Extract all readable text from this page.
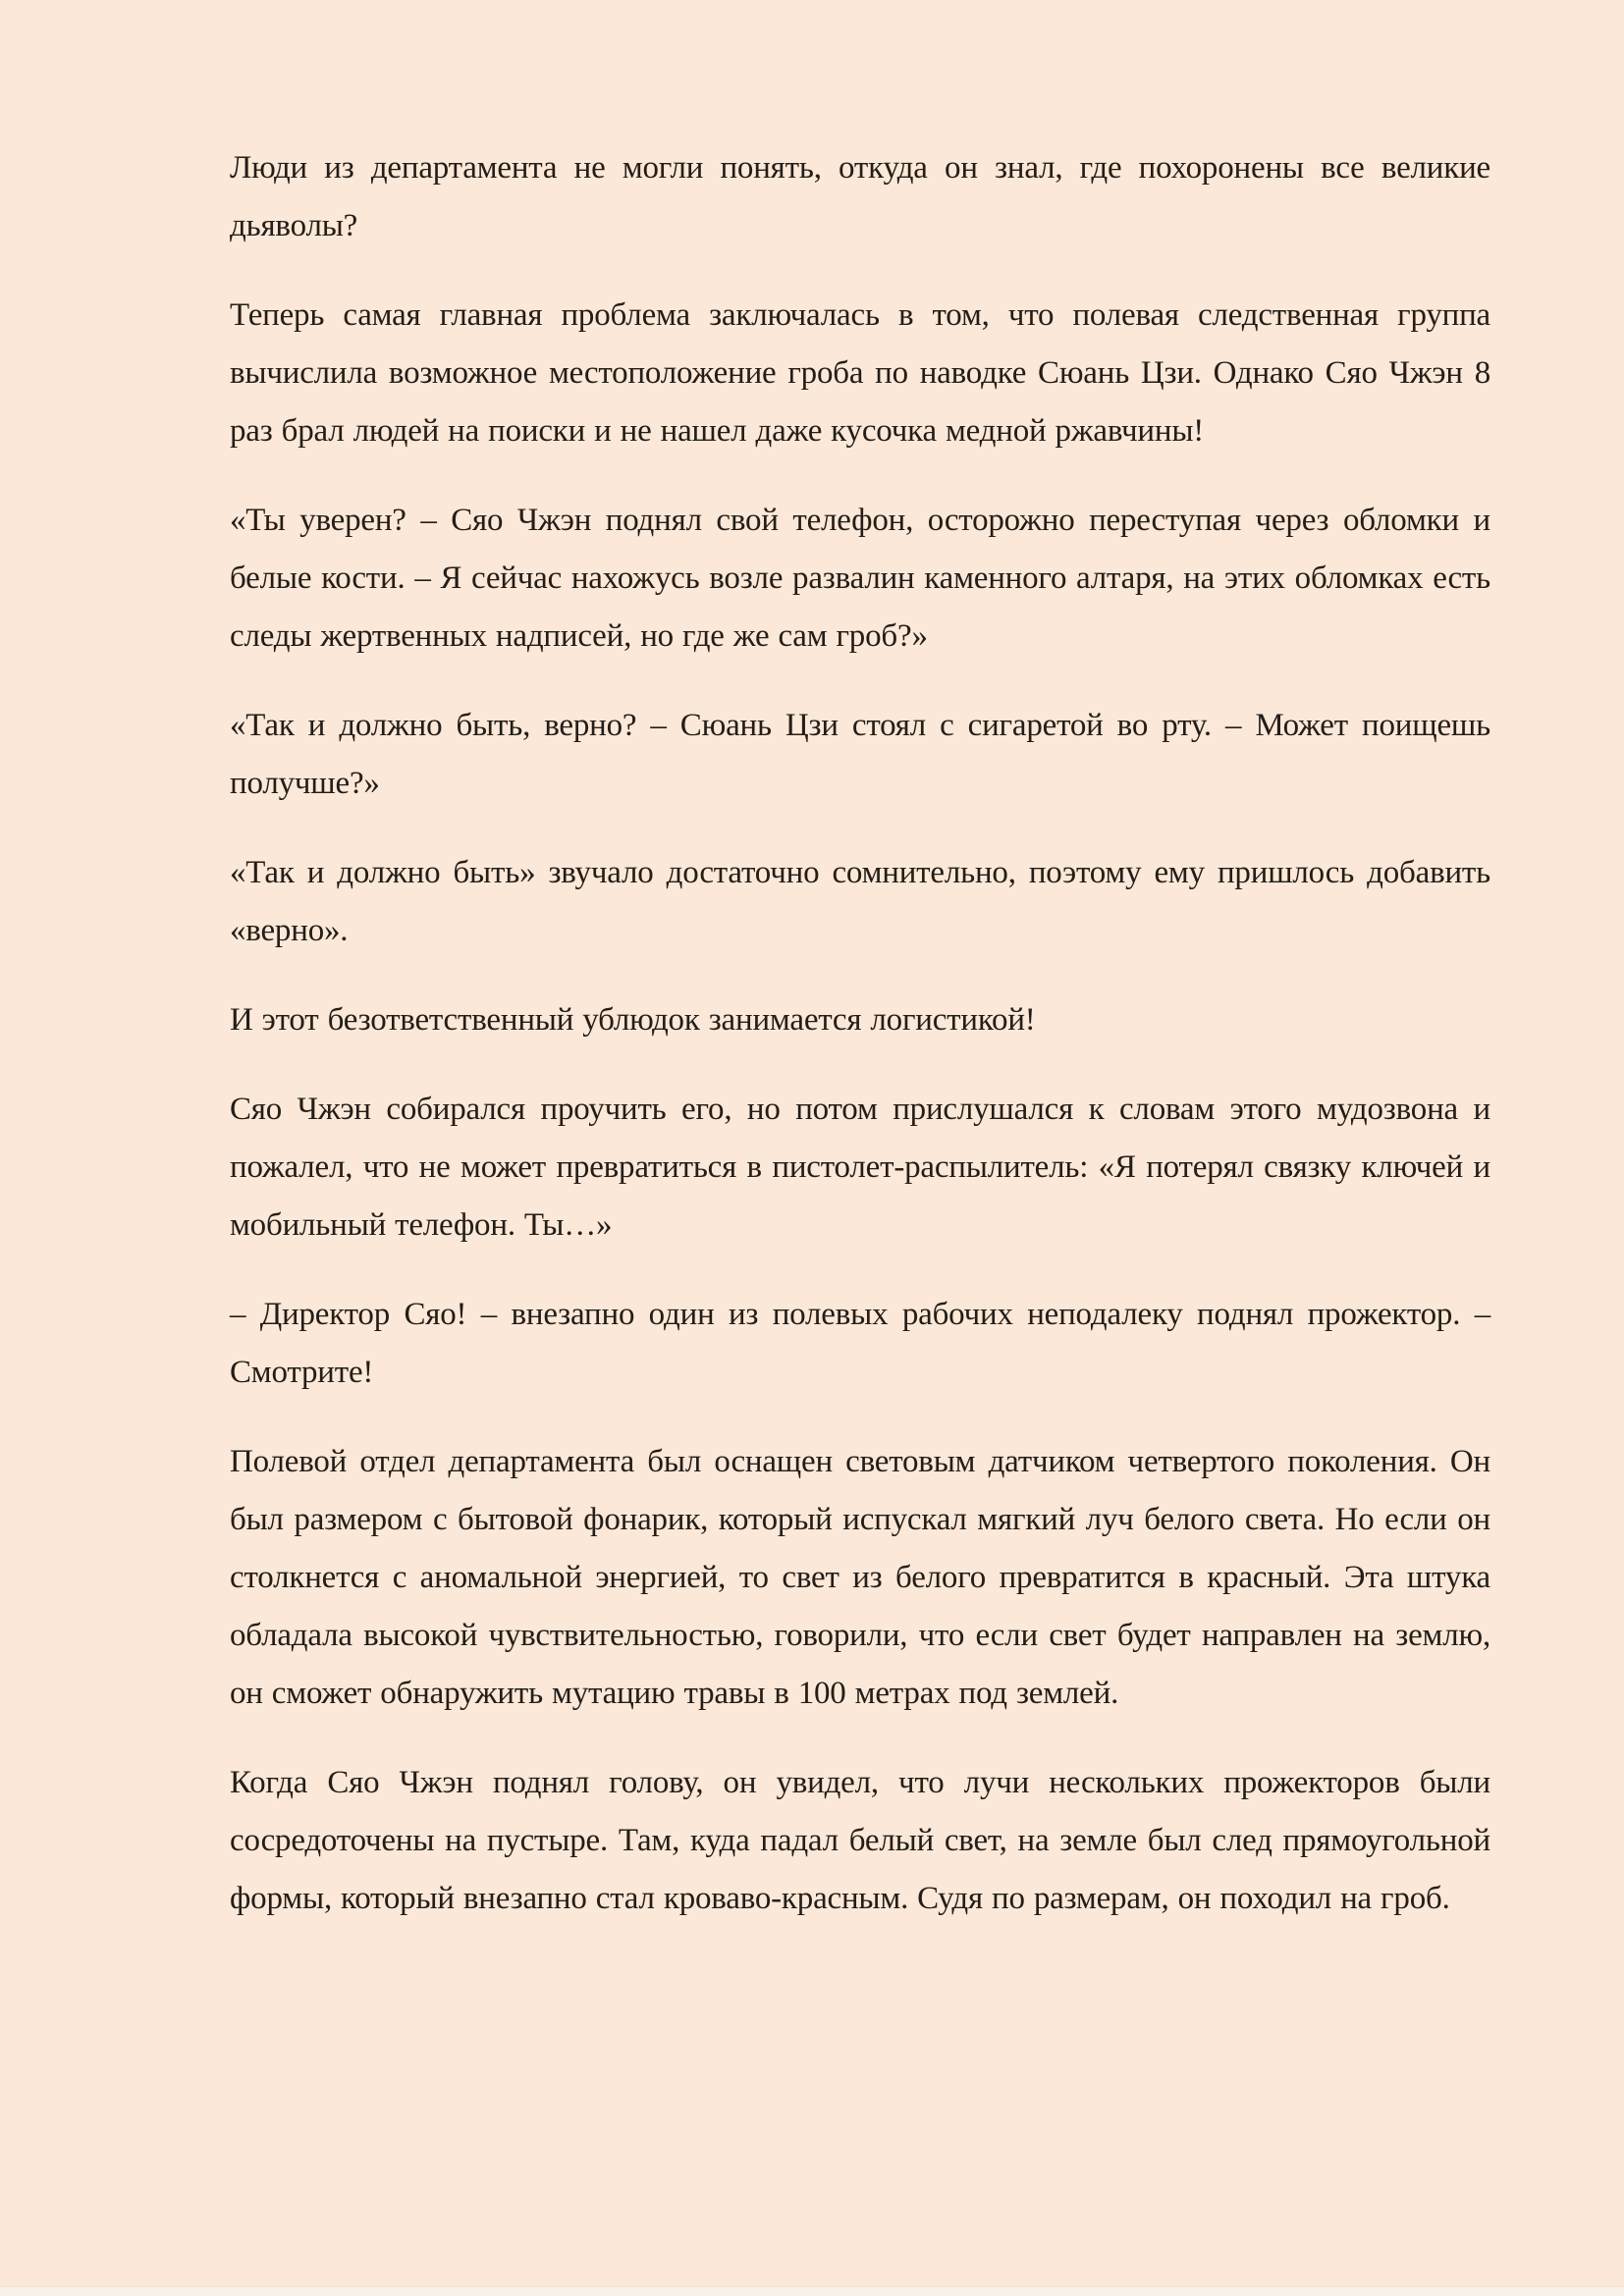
Люди из департамента не могли понять, откуда он знал, где похоронены все великие дьяволы?

Теперь самая главная проблема заключалась в том, что полевая следственная группа вычислила возможное местоположение гроба по наводке Сюань Цзи. Однако Сяо Чжэн 8 раз брал людей на поиски и не нашел даже кусочка медной ржавчины!

«Ты уверен? – Сяо Чжэн поднял свой телефон, осторожно переступая через обломки и белые кости. – Я сейчас нахожусь возле развалин каменного алтаря, на этих обломках есть следы жертвенных надписей, но где же сам гроб?»

«Так и должно быть, верно? – Сюань Цзи стоял с сигаретой во рту. – Может поищешь получше?»

«Так и должно быть» звучало достаточно сомнительно, поэтому ему пришлось добавить «верно».

И этот безответственный ублюдок занимается логистикой!

Сяо Чжэн собирался проучить его, но потом прислушался к словам этого мудозвона и пожалел, что не может превратиться в пистолет-распылитель: «Я потерял связку ключей и мобильный телефон. Ты…»

– Директор Сяо! – внезапно один из полевых рабочих неподалеку поднял прожектор. – Смотрите!

Полевой отдел департамента был оснащен световым датчиком четвертого поколения. Он был размером с бытовой фонарик, который испускал мягкий луч белого света. Но если он столкнется с аномальной энергией, то свет из белого превратится в красный. Эта штука обладала высокой чувствительностью, говорили, что если свет будет направлен на землю, он сможет обнаружить мутацию травы в 100 метрах под землей.

Когда Сяо Чжэн поднял голову, он увидел, что лучи нескольких прожекторов были сосредоточены на пустыре. Там, куда падал белый свет, на земле был след прямоугольной формы, который внезапно стал кроваво-красным. Судя по размерам, он походил на гроб.
